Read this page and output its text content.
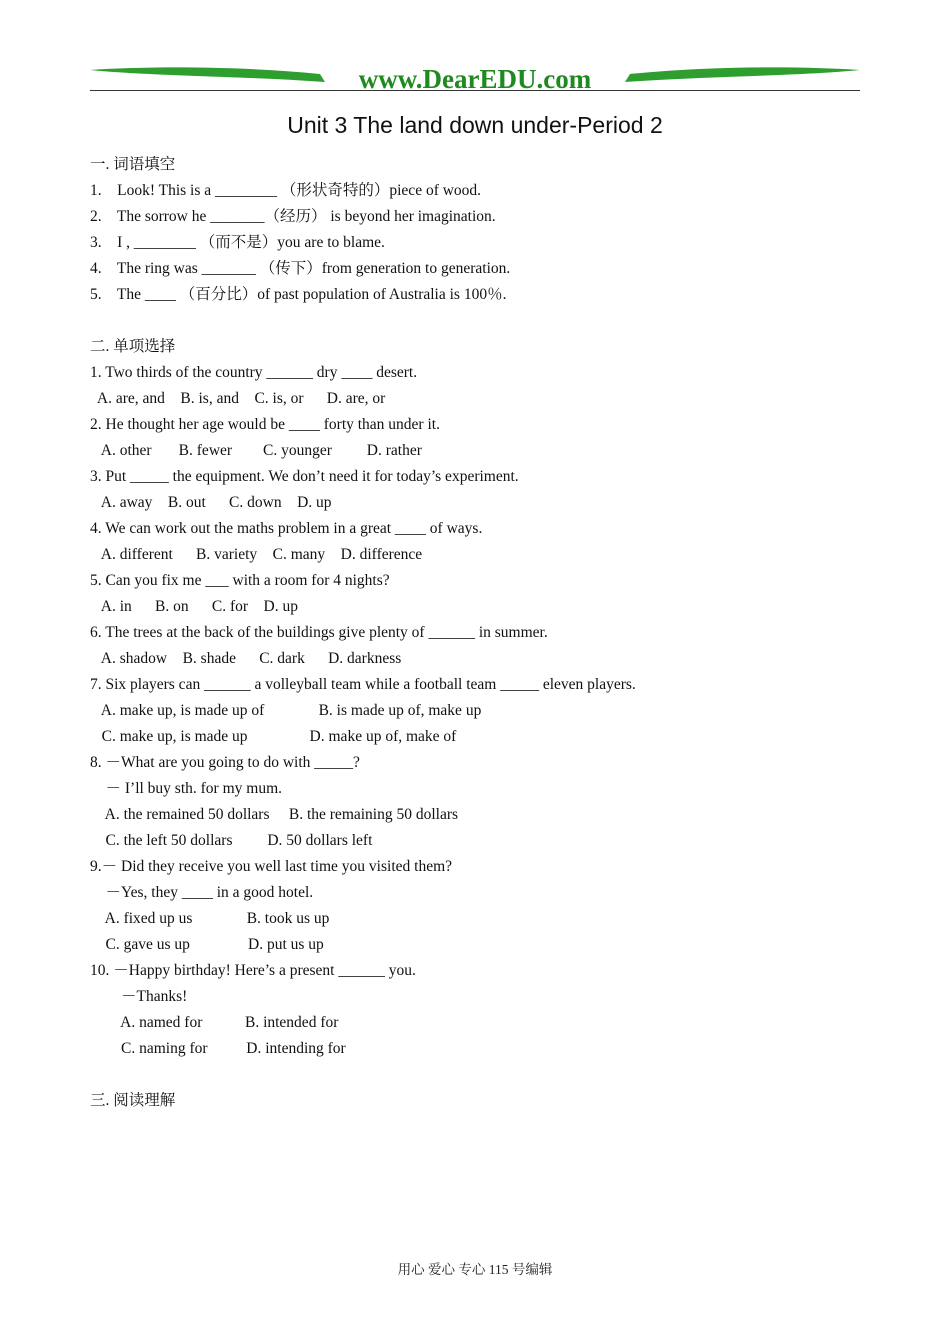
www.DearEDU.com
Unit 3 The land down under-Period 2
一. 词语填空
1.    Look! This is a ________ （形状奇特的）piece of wood.
2.    The sorrow he _______（经历） is beyond her imagination.
3.    I , ________ （而不是）you are to blame.
4.    The ring was _______ （传下）from generation to generation.
5.    The ____ （百分比）of past population of Australia is 100％.
二. 单项选择
1. Two thirds of the country ______ dry ____ desert.
A. are, and    B. is, and    C. is, or      D. are, or
2. He thought her age would be ____ forty than under it.
A. other       B. fewer        C. younger         D. rather
3. Put _____ the equipment. We don’t need it for today’s experiment.
A. away    B. out      C. down    D. up
4. We can work out the maths problem in a great ____ of ways.
A. different      B. variety    C. many    D. difference
5. Can you fix me ___ with a room for 4 nights?
A. in      B. on      C. for    D. up
6. The trees at the back of the buildings give plenty of ______ in summer.
A. shadow    B. shade      C. dark      D. darkness
7. Six players can ______ a volleyball team while a football team _____ eleven players.
A. make up, is made up of              B. is made up of, make up
C. make up, is made up                D. make up of, make of
8. －What are you going to do with _____?
－ I’ll buy sth. for my mum.
A. the remained 50 dollars     B. the remaining 50 dollars
C. the left 50 dollars         D. 50 dollars left
9.－ Did they receive you well last time you visited them?
－Yes, they ____ in a good hotel.
A. fixed up us              B. took us up
C. gave us up               D. put us up
10. －Happy birthday! Here’s a present ______ you.
－Thanks!
A. named for           B. intended for
C. naming for          D. intending for
三. 阅读理解
用心 爱心 专心 115 号编辑
